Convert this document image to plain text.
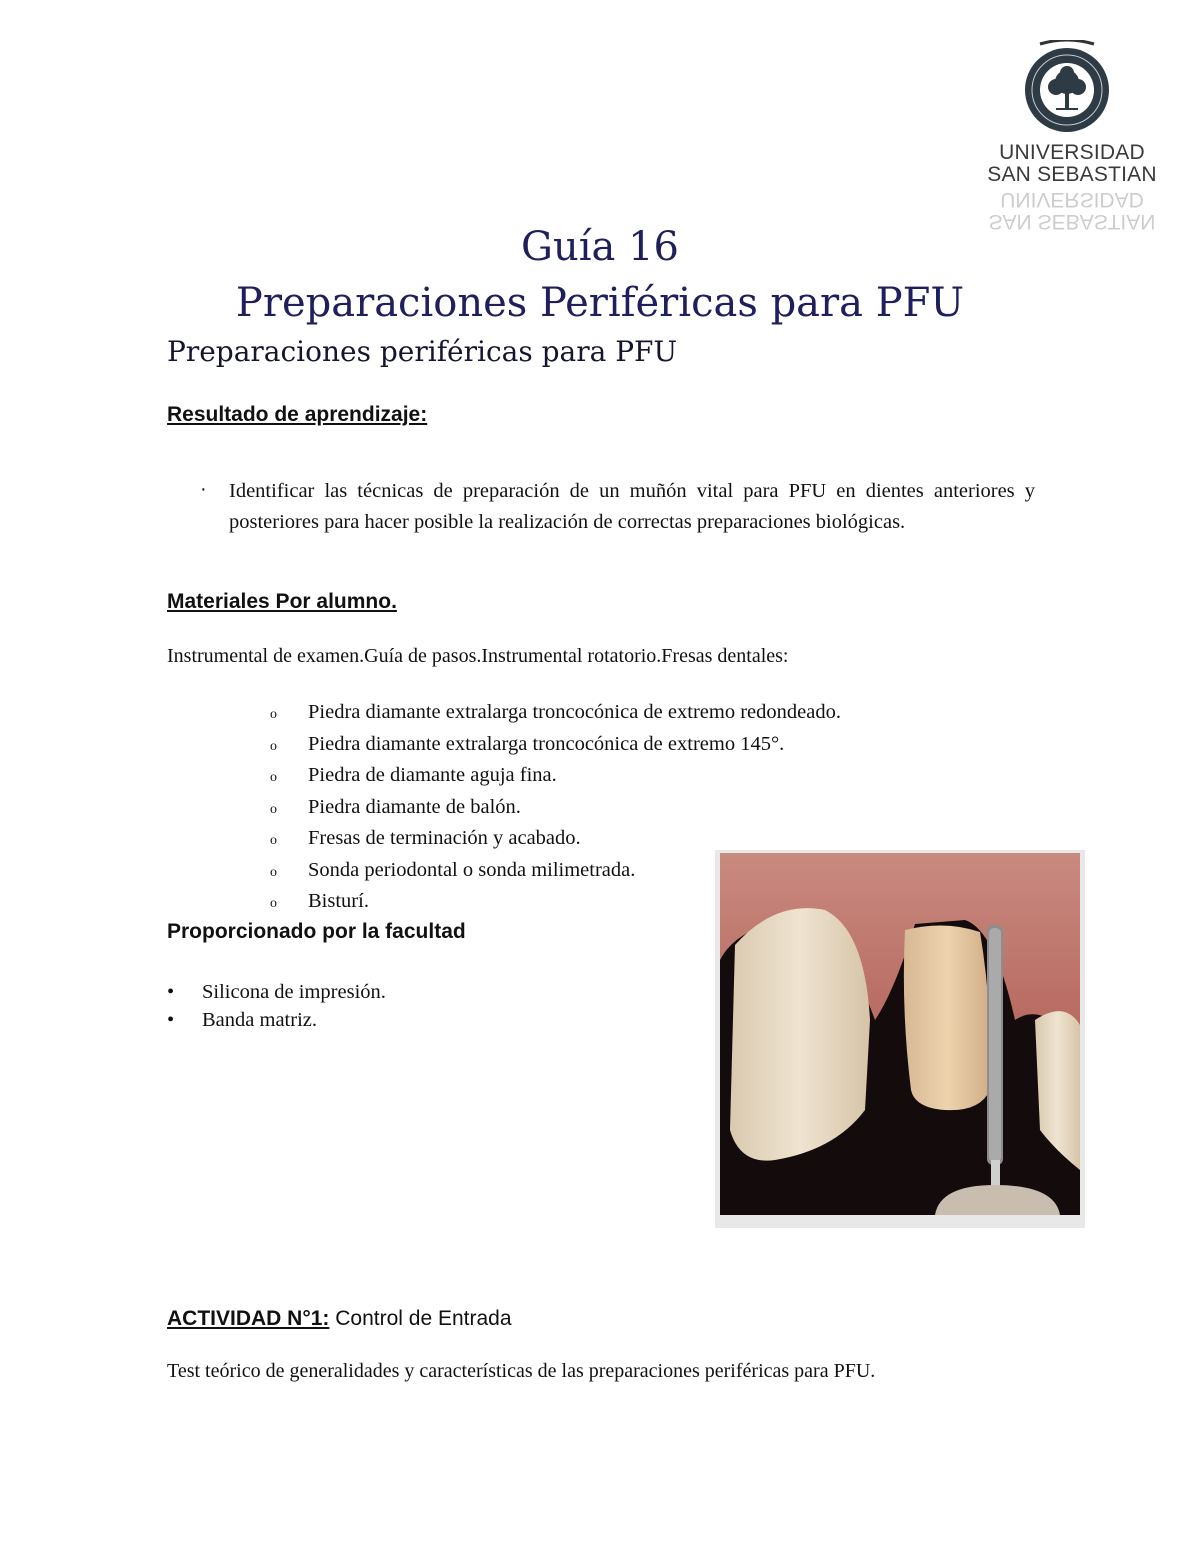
UNIVERSIDAD
SAN SEBASTIAN
SAN SEBASTIAN
UNIVERSIDAD
Guía 16
Preparaciones Periféricas para PFU
Preparaciones periféricas para PFU
Resultado de aprendizaje:
· Identificar las técnicas de preparación de un muñón vital para PFU en dientes anteriores y posteriores para hacer posible la realización de correctas preparaciones biológicas.
Materiales Por alumno.
Instrumental de examen.Guía de pasos.Instrumental rotatorio.Fresas dentales:
o Piedra diamante extralarga troncocónica de extremo redondeado.
o Piedra diamante extralarga troncocónica de extremo 145°.
o Piedra de diamante aguja fina.
o Piedra diamante de balón.
o Fresas de terminación y acabado.
o Sonda periodontal o sonda milimetrada.
o Bisturí.
Proporcionado por la facultad
• Silicona de impresión.
• Banda matriz.
ACTIVIDAD N°1: Control de Entrada
Test teórico de generalidades y características de las preparaciones periféricas para PFU.
